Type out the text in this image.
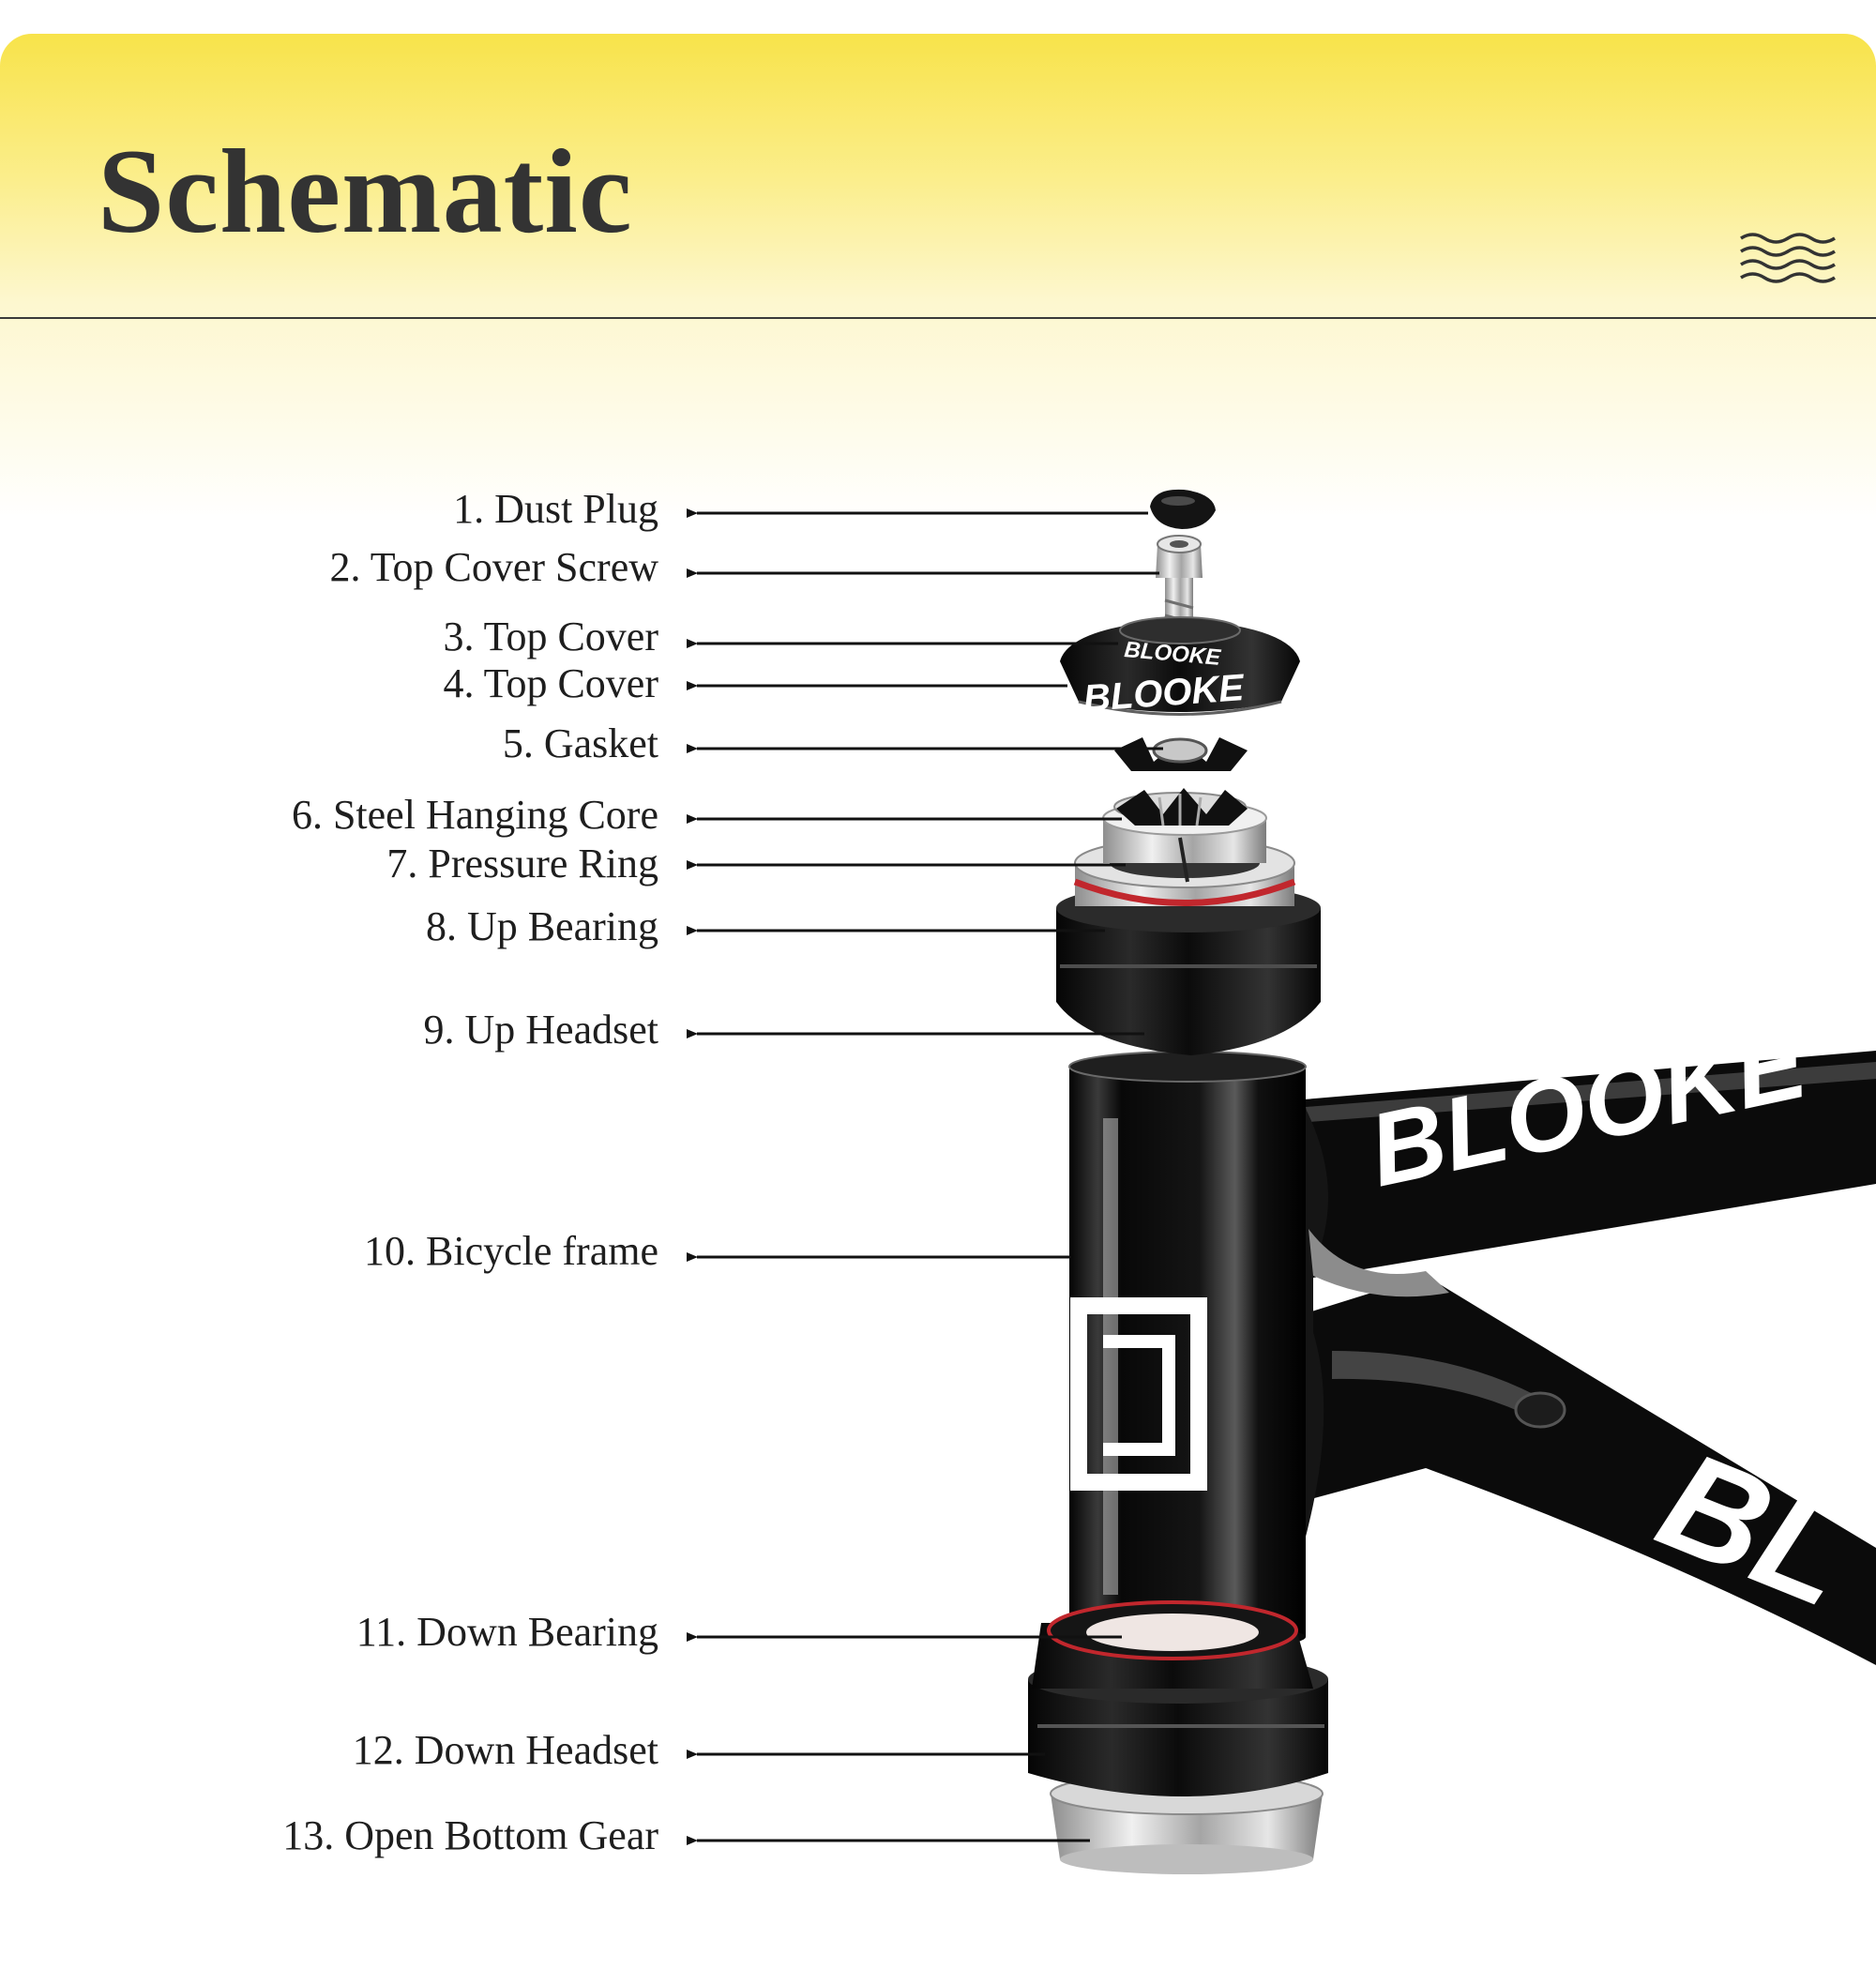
Schematic
BLOOKE
BL
BLOOKE
BLOOKE
1. Dust Plug
2. Top Cover Screw
3. Top Cover
4. Top Cover
5. Gasket
6. Steel Hanging Core
7. Pressure Ring
8. Up Bearing
9. Up Headset
10. Bicycle frame
11. Down Bearing
12. Down Headset
13. Open Bottom Gear
